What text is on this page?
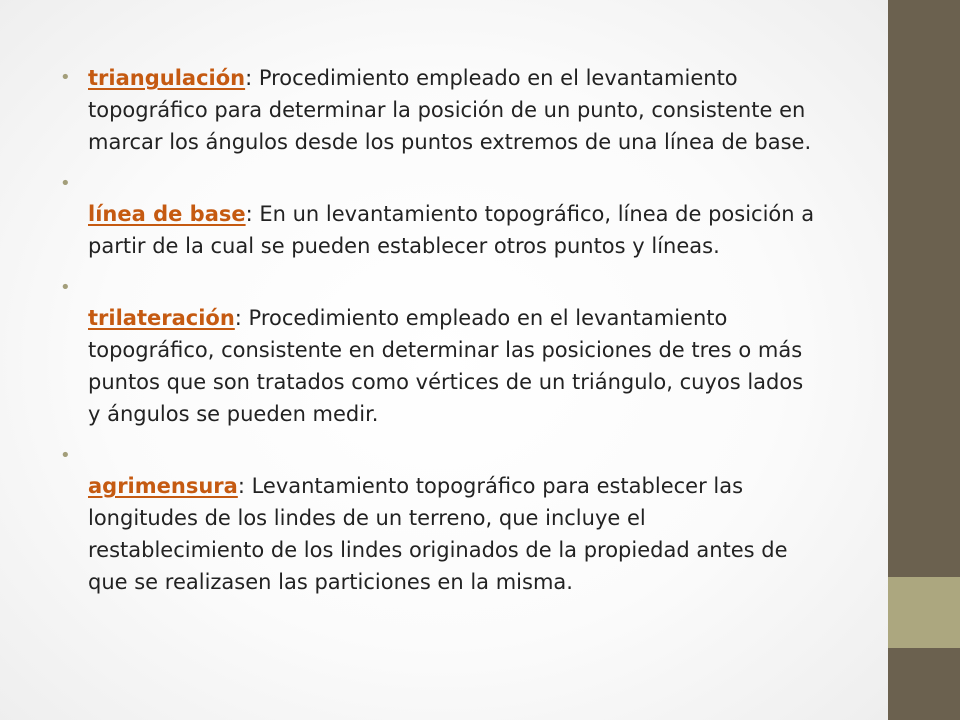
• triangulación: Procedimiento empleado en el levantamiento
topográfico para determinar la posición de un punto, consistente en
marcar los ángulos desde los puntos extremos de una línea de base.
•
línea de base: En un levantamiento topográfico, línea de posición a
partir de la cual se pueden establecer otros puntos y líneas.
•
trilateración: Procedimiento empleado en el levantamiento
topográfico, consistente en determinar las posiciones de tres o más
puntos que son tratados como vértices de un triángulo, cuyos lados
y ángulos se pueden medir.
•
agrimensura: Levantamiento topográfico para establecer las
longitudes de los lindes de un terreno, que incluye el
restablecimiento de los lindes originados de la propiedad antes de
que se realizasen las particiones en la misma.
